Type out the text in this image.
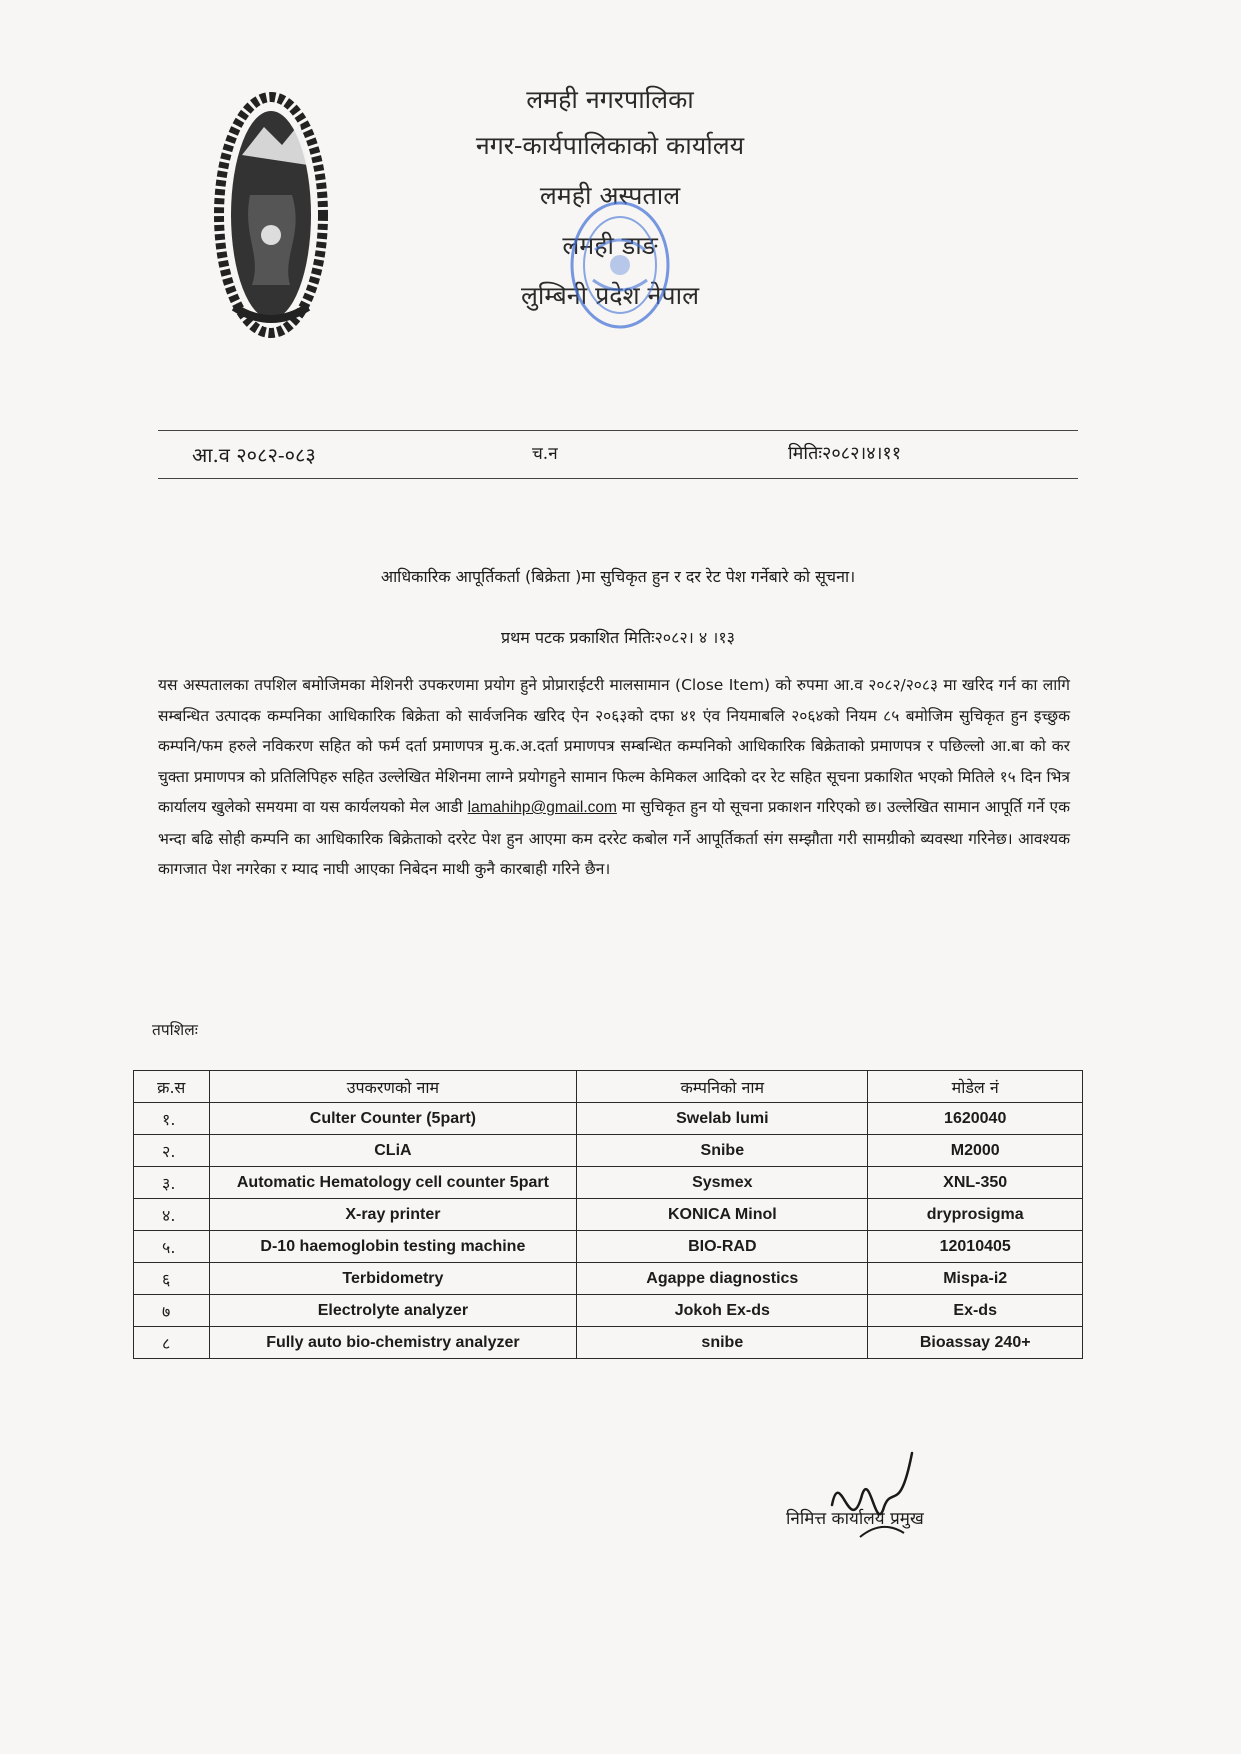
लमही नगरपालिका
नगर-कार्यपालिकाको कार्यालय
लमही अस्पताल
लमही डाङ
लुम्बिनी प्रदेश नेपाल
आ.व २०८२-०८३	च.न	मितिः२०८२।४।११
आधिकारिक आपूर्तिकर्ता (बिक्रेता )मा सुचिकृत हुन र दर रेट पेश गर्नेबारे को सूचना।
प्रथम पटक प्रकाशित मितिः२०८२। ४ ।१३
यस अस्पतालका तपशिल बमोजिमका मेशिनरी उपकरणमा प्रयोग हुने प्रोप्राराईटरी मालसामान (Close Item) को रुपमा आ.व २०८२/२०८३ मा खरिद गर्न का लागि सम्बन्धित उत्पादक कम्पनिका आधिकारिक बिक्रेता को सार्वजनिक खरिद ऐन २०६३को दफा ४१ एंव नियमाबलि २०६४को नियम ८५ बमोजिम सुचिकृत हुन इच्छुक कम्पनि/फम हरुले नविकरण सहित को फर्म दर्ता प्रमाणपत्र मु.क.अ.दर्ता प्रमाणपत्र सम्बन्धित कम्पनिको आधिकारिक बिक्रेताको प्रमाणपत्र र पछिल्लो आ.बा को कर चुक्ता प्रमाणपत्र को प्रतिलिपिहरु सहित उल्लेखित मेशिनमा लाग्ने प्रयोगहुने सामान फिल्म केमिकल आदिको दर रेट सहित सूचना प्रकाशित भएको मितिले १५ दिन भित्र कार्यालय खुलेको समयमा वा यस कार्यलयको मेल आडी lamahihp@gmail.com मा सुचिकृत हुन यो सूचना प्रकाशन गरिएको छ। उल्लेखित सामान आपूर्ति गर्ने एक भन्दा बढि सोही कम्पनि का आधिकारिक बिक्रेताको दररेट पेश हुन आएमा कम दररेट कबोल गर्ने आपूर्तिकर्ता संग सम्झौता गरी सामग्रीको ब्यवस्था गरिनेछ। आवश्यक कागजात पेश नगरेका र म्याद नाघी आएका निबेदन माथी कुनै कारबाही गरिने छैन।
तपशिलः
क्र.स	उपकरणको नाम	कम्पनिको नाम	मोडेल नं
१.	Culter Counter (5part)	Swelab lumi	1620040
२.	CLiA	Snibe	M2000
३.	Automatic Hematology cell counter 5part	Sysmex	XNL-350
४.	X-ray printer	KONICA Minol	dryprosigma
५.	D-10 haemoglobin testing machine	BIO-RAD	12010405
६	Terbidometry	Agappe diagnostics	Mispa-i2
७	Electrolyte analyzer	Jokoh Ex-ds	Ex-ds
८	Fully auto bio-chemistry analyzer	snibe	Bioassay 240+
निमित्त कार्यालय प्रमुख
